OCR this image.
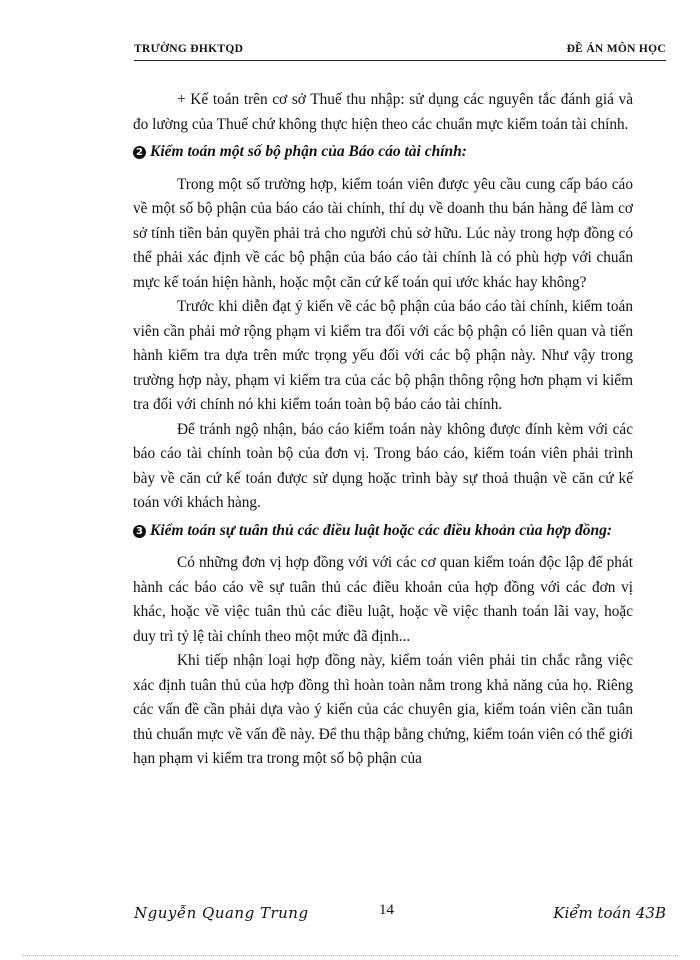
TRƯỜNG ĐHKTQD	ĐỀ ÁN MÔN HỌC

+ Kế toán trên cơ sở Thuế thu nhập: sử dụng các nguyên tắc đánh giá và đo lường của Thuế chứ không thực hiện theo các chuẩn mực kiểm toán tài chính.

2 Kiểm toán một số bộ phận của Báo cáo tài chính:

Trong một số trường hợp, kiểm toán viên được yêu cầu cung cấp báo cáo về một số bộ phận của báo cáo tài chính, thí dụ về doanh thu bán hàng để làm cơ sở tính tiền bản quyền phải trả cho người chủ sở hữu. Lúc này trong hợp đồng có thể phải xác định về các bộ phận của báo cáo tài chính là có phù hợp với chuẩn mực kế toán hiện hành, hoặc một căn cứ kế toán qui ước khác hay không?

Trước khi diễn đạt ý kiến về các bộ phận của báo cáo tài chính, kiểm toán viên cần phải mở rộng phạm vi kiểm tra đối với các bộ phận có liên quan và tiến hành kiểm tra dựa trên mức trọng yếu đối với các bộ phận này. Như vậy trong trường hợp này, phạm vi kiểm tra của các bộ phận thông rộng hơn phạm vi kiểm tra đối với chính nó khi kiểm toán toàn bộ báo cáo tài chính.

Để tránh ngộ nhận, báo cáo kiểm toán này không được đính kèm với các báo cáo tài chính toàn bộ của đơn vị. Trong báo cáo, kiểm toán viên phải trình bày về căn cứ kế toán được sử dụng hoặc trình bày sự thoả thuận về căn cứ kế toán với khách hàng.

3 Kiểm toán sự tuân thủ các điều luật hoặc các điều khoản của hợp đồng:

Có những đơn vị hợp đồng với với các cơ quan kiểm toán độc lập để phát hành các báo cáo về sự tuân thủ các điều khoản của hợp đồng với các đơn vị khác, hoặc về việc tuân thủ các điều luật, hoặc về việc thanh toán lãi vay, hoặc duy trì tỷ lệ tài chính theo một mức đã định...

Khi tiếp nhận loại hợp đồng này, kiểm toán viên phải tin chắc rằng việc xác định tuân thủ của hợp đồng thì hoàn toàn nằm trong khả năng của họ. Riêng các vấn đề cần phải dựa vào ý kiến của các chuyên gia, kiểm toán viên cần tuân thủ chuẩn mực về vấn đề này. Để thu thập bằng chứng, kiểm toán viên có thể giới hạn phạm vi kiểm tra trong một số bộ phận của

Nguyễn Quang Trung	14	Kiểm toán 43B
